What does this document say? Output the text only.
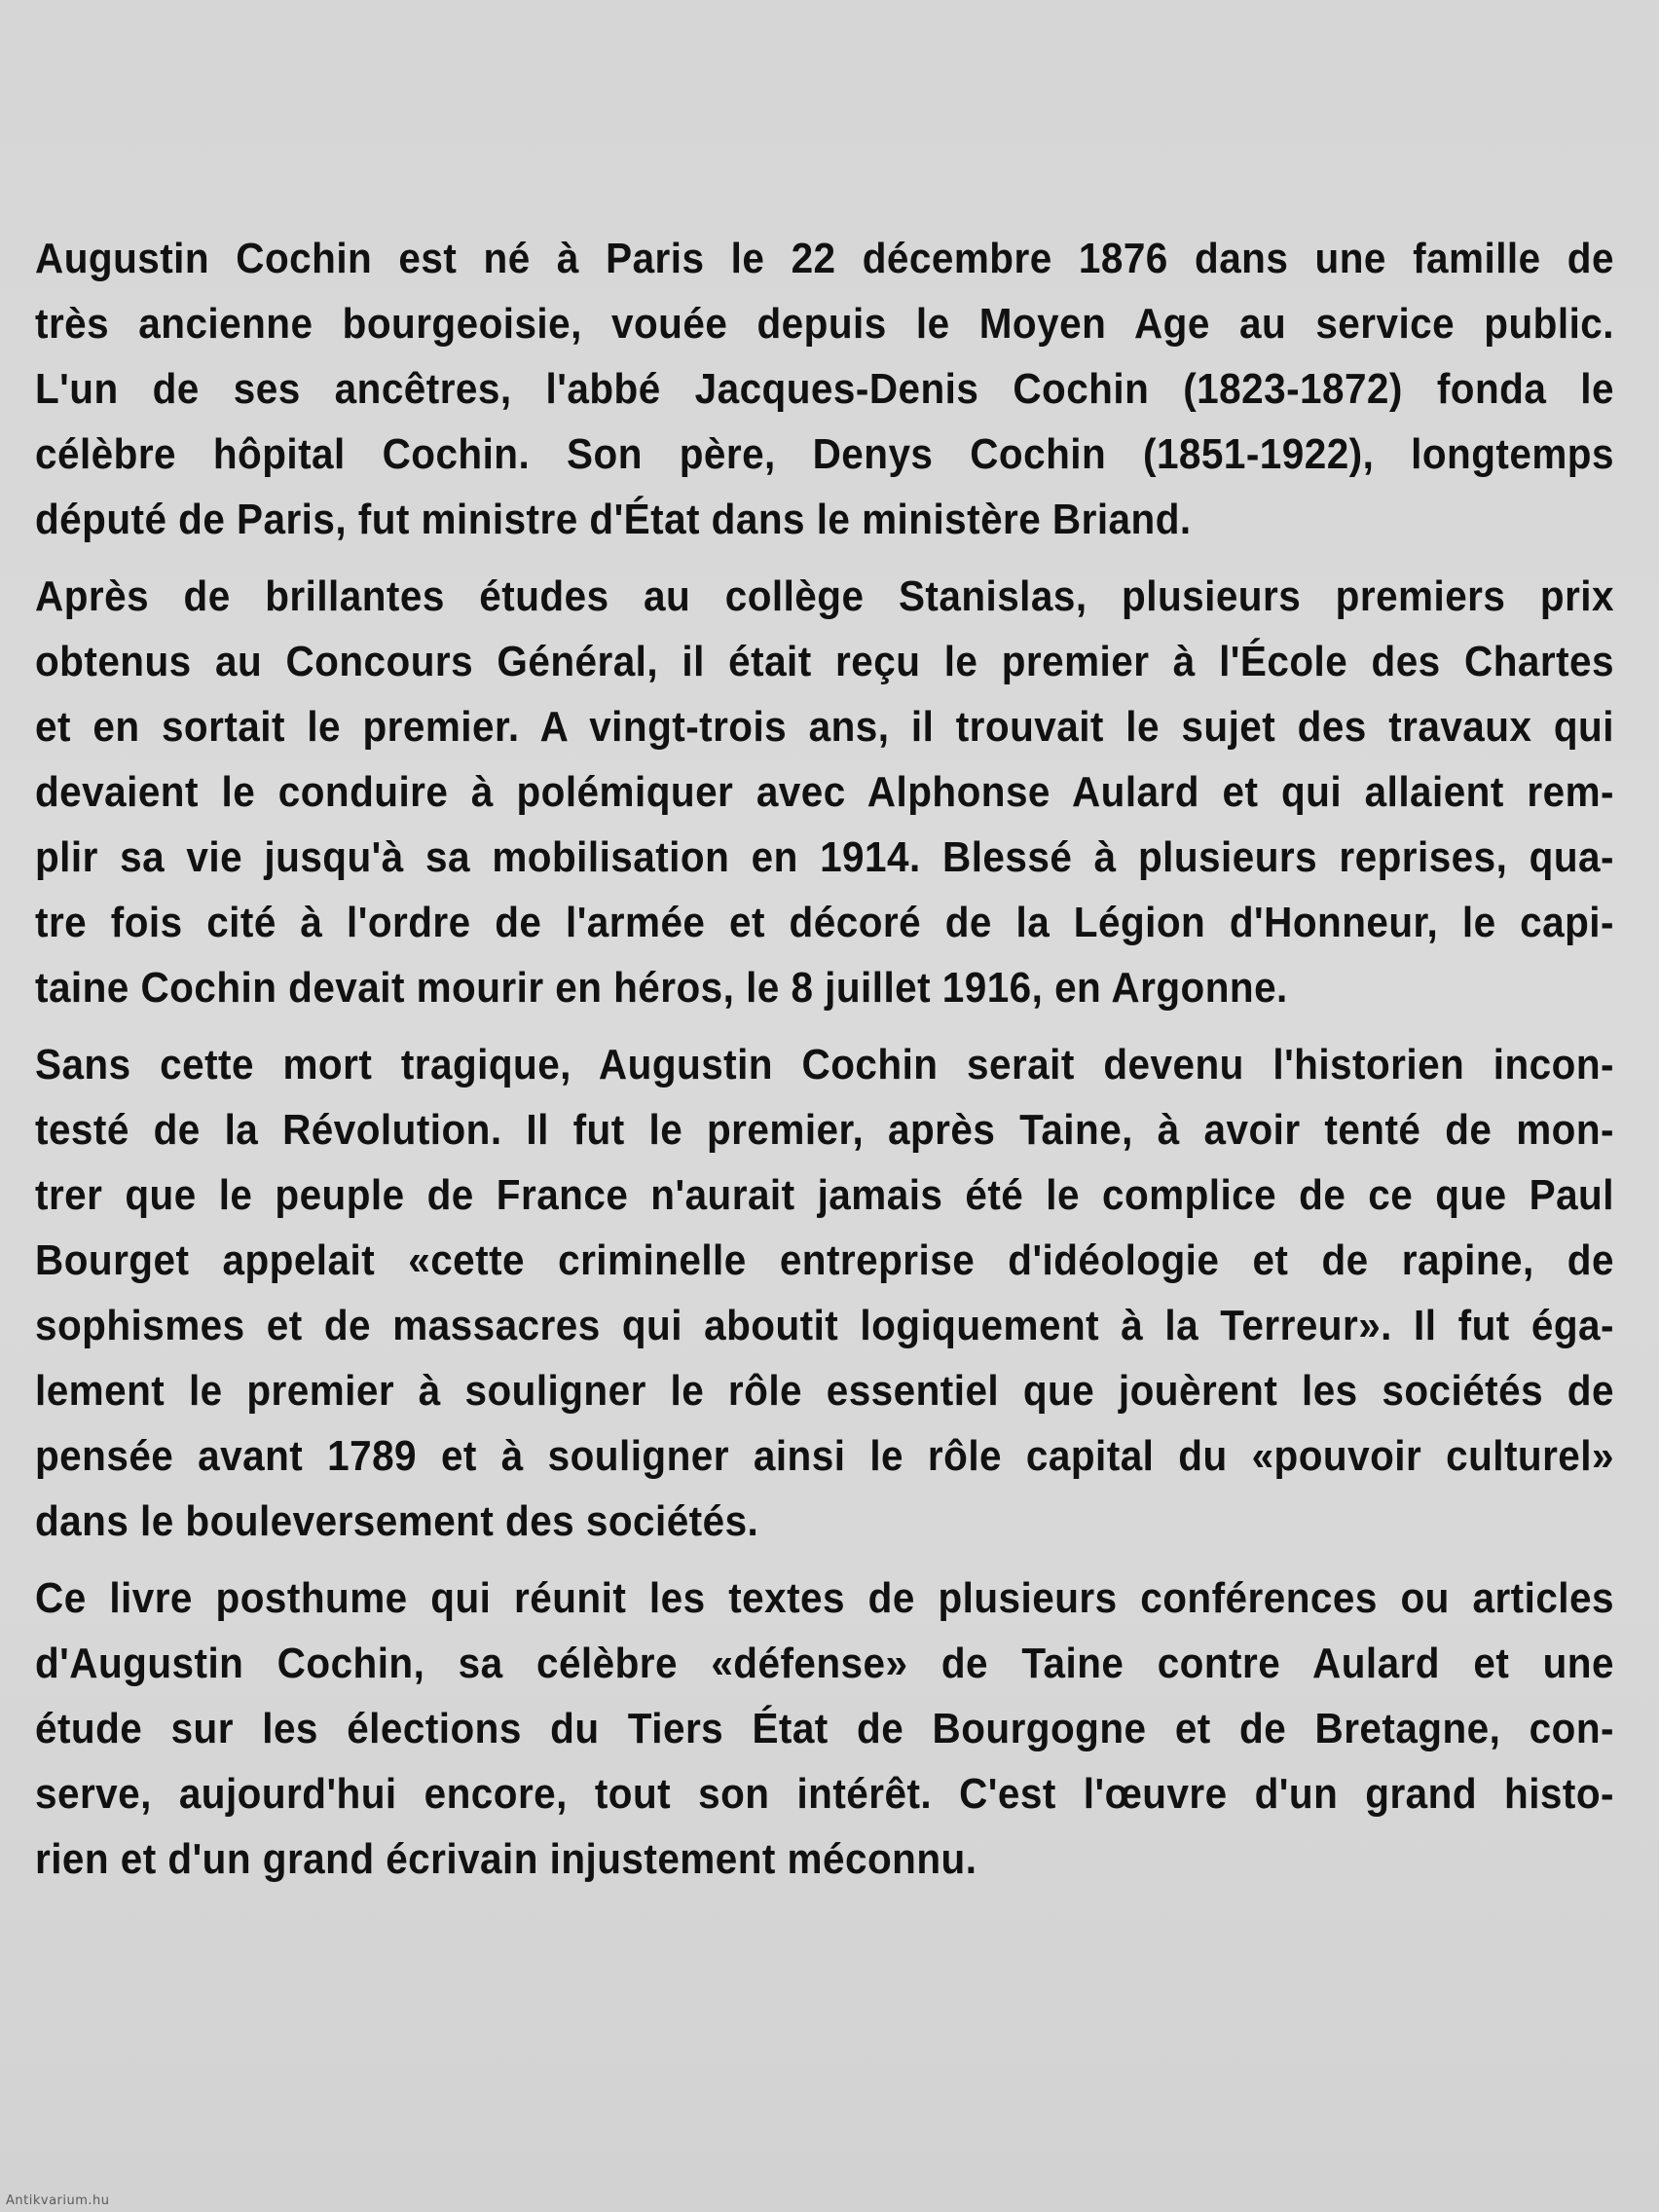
Augustin Cochin est né à Paris le 22 décembre 1876 dans une famille de
très ancienne bourgeoisie, vouée depuis le Moyen Age au service public.
L'un de ses ancêtres, l'abbé Jacques-Denis Cochin (1823-1872) fonda le
célèbre hôpital Cochin. Son père, Denys Cochin (1851-1922), longtemps
député de Paris, fut ministre d'État dans le ministère Briand.
Après de brillantes études au collège Stanislas, plusieurs premiers prix
obtenus au Concours Général, il était reçu le premier à l'École des Chartes
et en sortait le premier. A vingt-trois ans, il trouvait le sujet des travaux qui
devaient le conduire à polémiquer avec Alphonse Aulard et qui allaient rem-
plir sa vie jusqu'à sa mobilisation en 1914. Blessé à plusieurs reprises, qua-
tre fois cité à l'ordre de l'armée et décoré de la Légion d'Honneur, le capi-
taine Cochin devait mourir en héros, le 8 juillet 1916, en Argonne.
Sans cette mort tragique, Augustin Cochin serait devenu l'historien incon-
testé de la Révolution. Il fut le premier, après Taine, à avoir tenté de mon-
trer que le peuple de France n'aurait jamais été le complice de ce que Paul
Bourget appelait «cette criminelle entreprise d'idéologie et de rapine, de
sophismes et de massacres qui aboutit logiquement à la Terreur». Il fut éga-
lement le premier à souligner le rôle essentiel que jouèrent les sociétés de
pensée avant 1789 et à souligner ainsi le rôle capital du «pouvoir culturel»
dans le bouleversement des sociétés.
Ce livre posthume qui réunit les textes de plusieurs conférences ou articles
d'Augustin Cochin, sa célèbre «défense» de Taine contre Aulard et une
étude sur les élections du Tiers État de Bourgogne et de Bretagne, con-
serve, aujourd'hui encore, tout son intérêt. C'est l'œuvre d'un grand histo-
rien et d'un grand écrivain injustement méconnu.
Antikvarium.hu
